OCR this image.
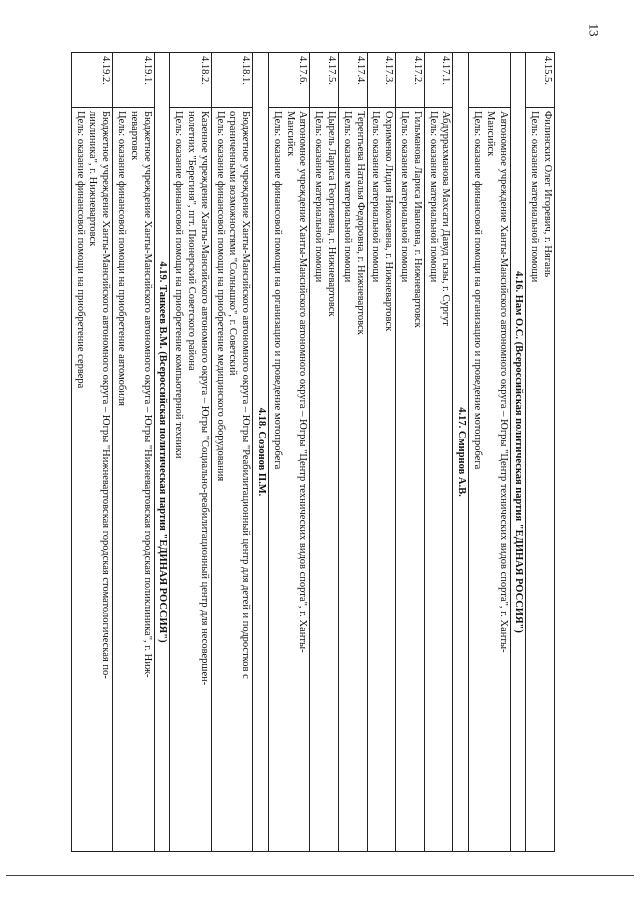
13
4.15.5.	Филинских Олег Игоревич, г. Нягань
Цель: оказание материальной помощи

4.16. Нам О.С. (Всероссийская политическая партия "ЕДИНАЯ РОССИЯ")	

	Автономное учреждение Ханты-Мансийского автономного округа – Югры "Центр технических видов спорта", г. Ханты-
Мансийск
Цель: оказание финансовой помощи на организацию и проведение мотопробега

4.17. Смирнов А.В.	
4.17.1.	Абдуррахманова Махсати Давуд гызы, г. Сургут
Цель: оказание материальной помощи

4.17.2.	Гильманова Лариса Ивановна, г. Нижневартовск
Цель: оказание материальной помощи

4.17.3.	Охрименко Лидия Николаевна, г. Нижневартовск
Цель: оказание материальной помощи

4.17.4.	Терентьева Наталья Федоровна, г. Нижневартовск
Цель: оказание материальной помощи

4.17.5.	Цырель Лариса Георгиевна, г. Нижневартовск
Цель: оказание материальной помощи

4.17.6.	Автономное учреждение Ханты-Мансийского автономного округа – Югры "Центр технических видов спорта", г. Ханты-
Мансийск
Цель: оказание финансовой помощи на организацию и проведение мотопробега

4.18. Созонов П.М.	
4.18.1.	Бюджетное учреждение Ханты-Мансийского автономного округа – Югры "Реабилитационный центр для детей и подростков с
ограниченными возможностями "Солнышко", г. Советский
Цель: оказание финансовой помощи на приобретение медицинского оборудования

4.18.2.	Казенное учреждение Ханты-Мансийского автономного округа – Югры "Социально-реабилитационный центр для несовершен-
нолетних "Берегиня", пгт. Пионерский Советского района
Цель: оказание финансовой помощи на приобретение компьютерной техники

4.19. Танкеев В.М. (Всероссийская политическая партия "ЕДИНАЯ РОССИЯ")	
4.19.1.	Бюджетное учреждение Ханты-Мансийского автономного округа – Югры "Нижневартовская городская поликлиника", г. Ниж-
невартовск
Цель: оказание финансовой помощи на приобретение автомобиля

4.19.2.	Бюджетное учреждение Ханты-Мансийского автономного округа – Югры "Нижневартовская городская стоматологическая по-
ликлиника", г. Нижневартовск
Цель: оказание финансовой помощи на приобретение сервера
